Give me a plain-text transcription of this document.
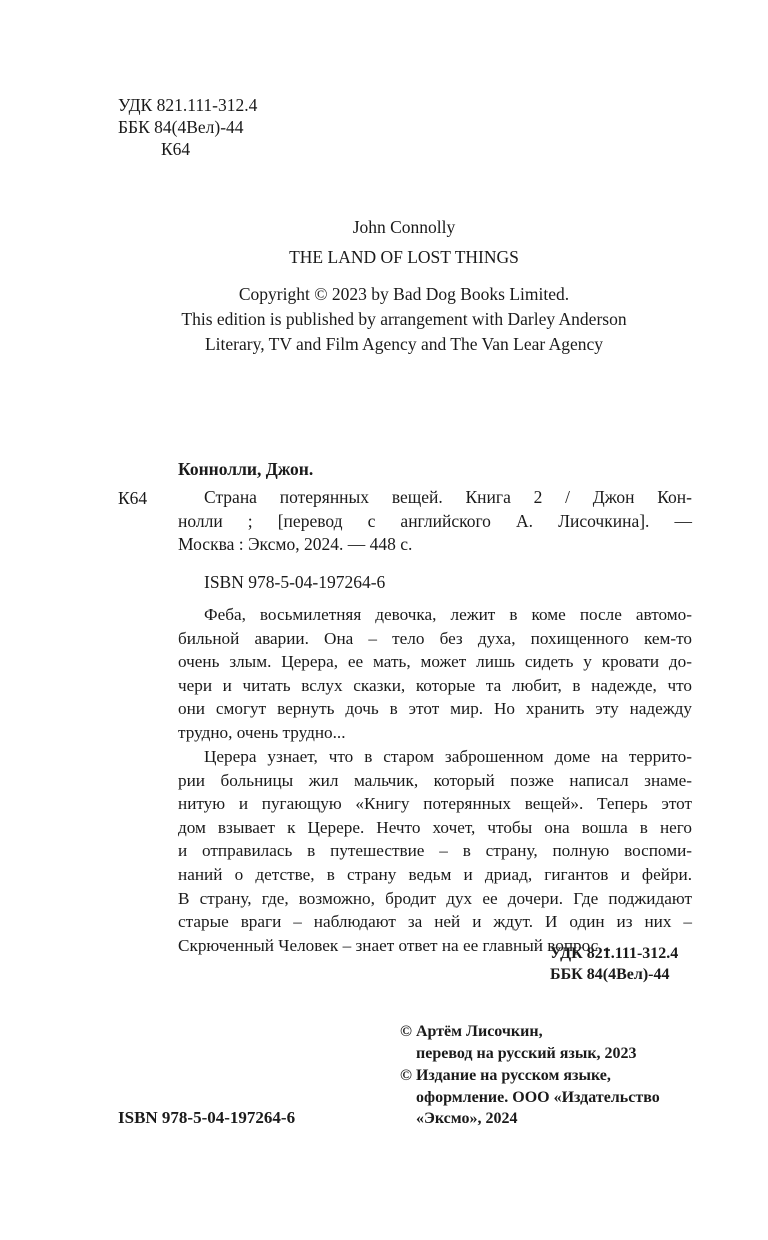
УДК 821.111-312.4
ББК 84(4Вел)-44
К64
John Connolly
THE LAND OF LOST THINGS
Copyright © 2023 by Bad Dog Books Limited.
This edition is published by arrangement with Darley Anderson
Literary, TV and Film Agency and The Van Lear Agency
Коннолли, Джон.
К64	Страна потерянных вещей. Книга 2 / Джон Кон-
нолли ; [перевод с английского А. Лисочкина]. —
Москва : Эксмо, 2024. — 448 с.
ISBN 978-5-04-197264-6
Феба, восьмилетняя девочка, лежит в коме после автомо-
бильной аварии. Она – тело без духа, похищенного кем-то
очень злым. Церера, ее мать, может лишь сидеть у кровати до-
чери и читать вслух сказки, которые та любит, в надежде, что
они смогут вернуть дочь в этот мир. Но хранить эту надежду
трудно, очень трудно...
Церера узнает, что в старом заброшенном доме на террито-
рии больницы жил мальчик, который позже написал знаме-
нитую и пугающую «Книгу потерянных вещей». Теперь этот
дом взывает к Церере. Нечто хочет, чтобы она вошла в него
и отправилась в путешествие – в страну, полную воспоми-
наний о детстве, в страну ведьм и дриад, гигантов и фейри.
В страну, где, возможно, бродит дух ее дочери. Где поджидают
старые враги – наблюдают за ней и ждут. И один из них –
Скрюченный Человек – знает ответ на ее главный вопрос...
УДК 821.111-312.4
ББК 84(4Вел)-44
© Артём Лисочкин,
перевод на русский язык, 2023
© Издание на русском языке,
оформление. ООО «Издательство
«Эксмо», 2024
ISBN 978-5-04-197264-6
